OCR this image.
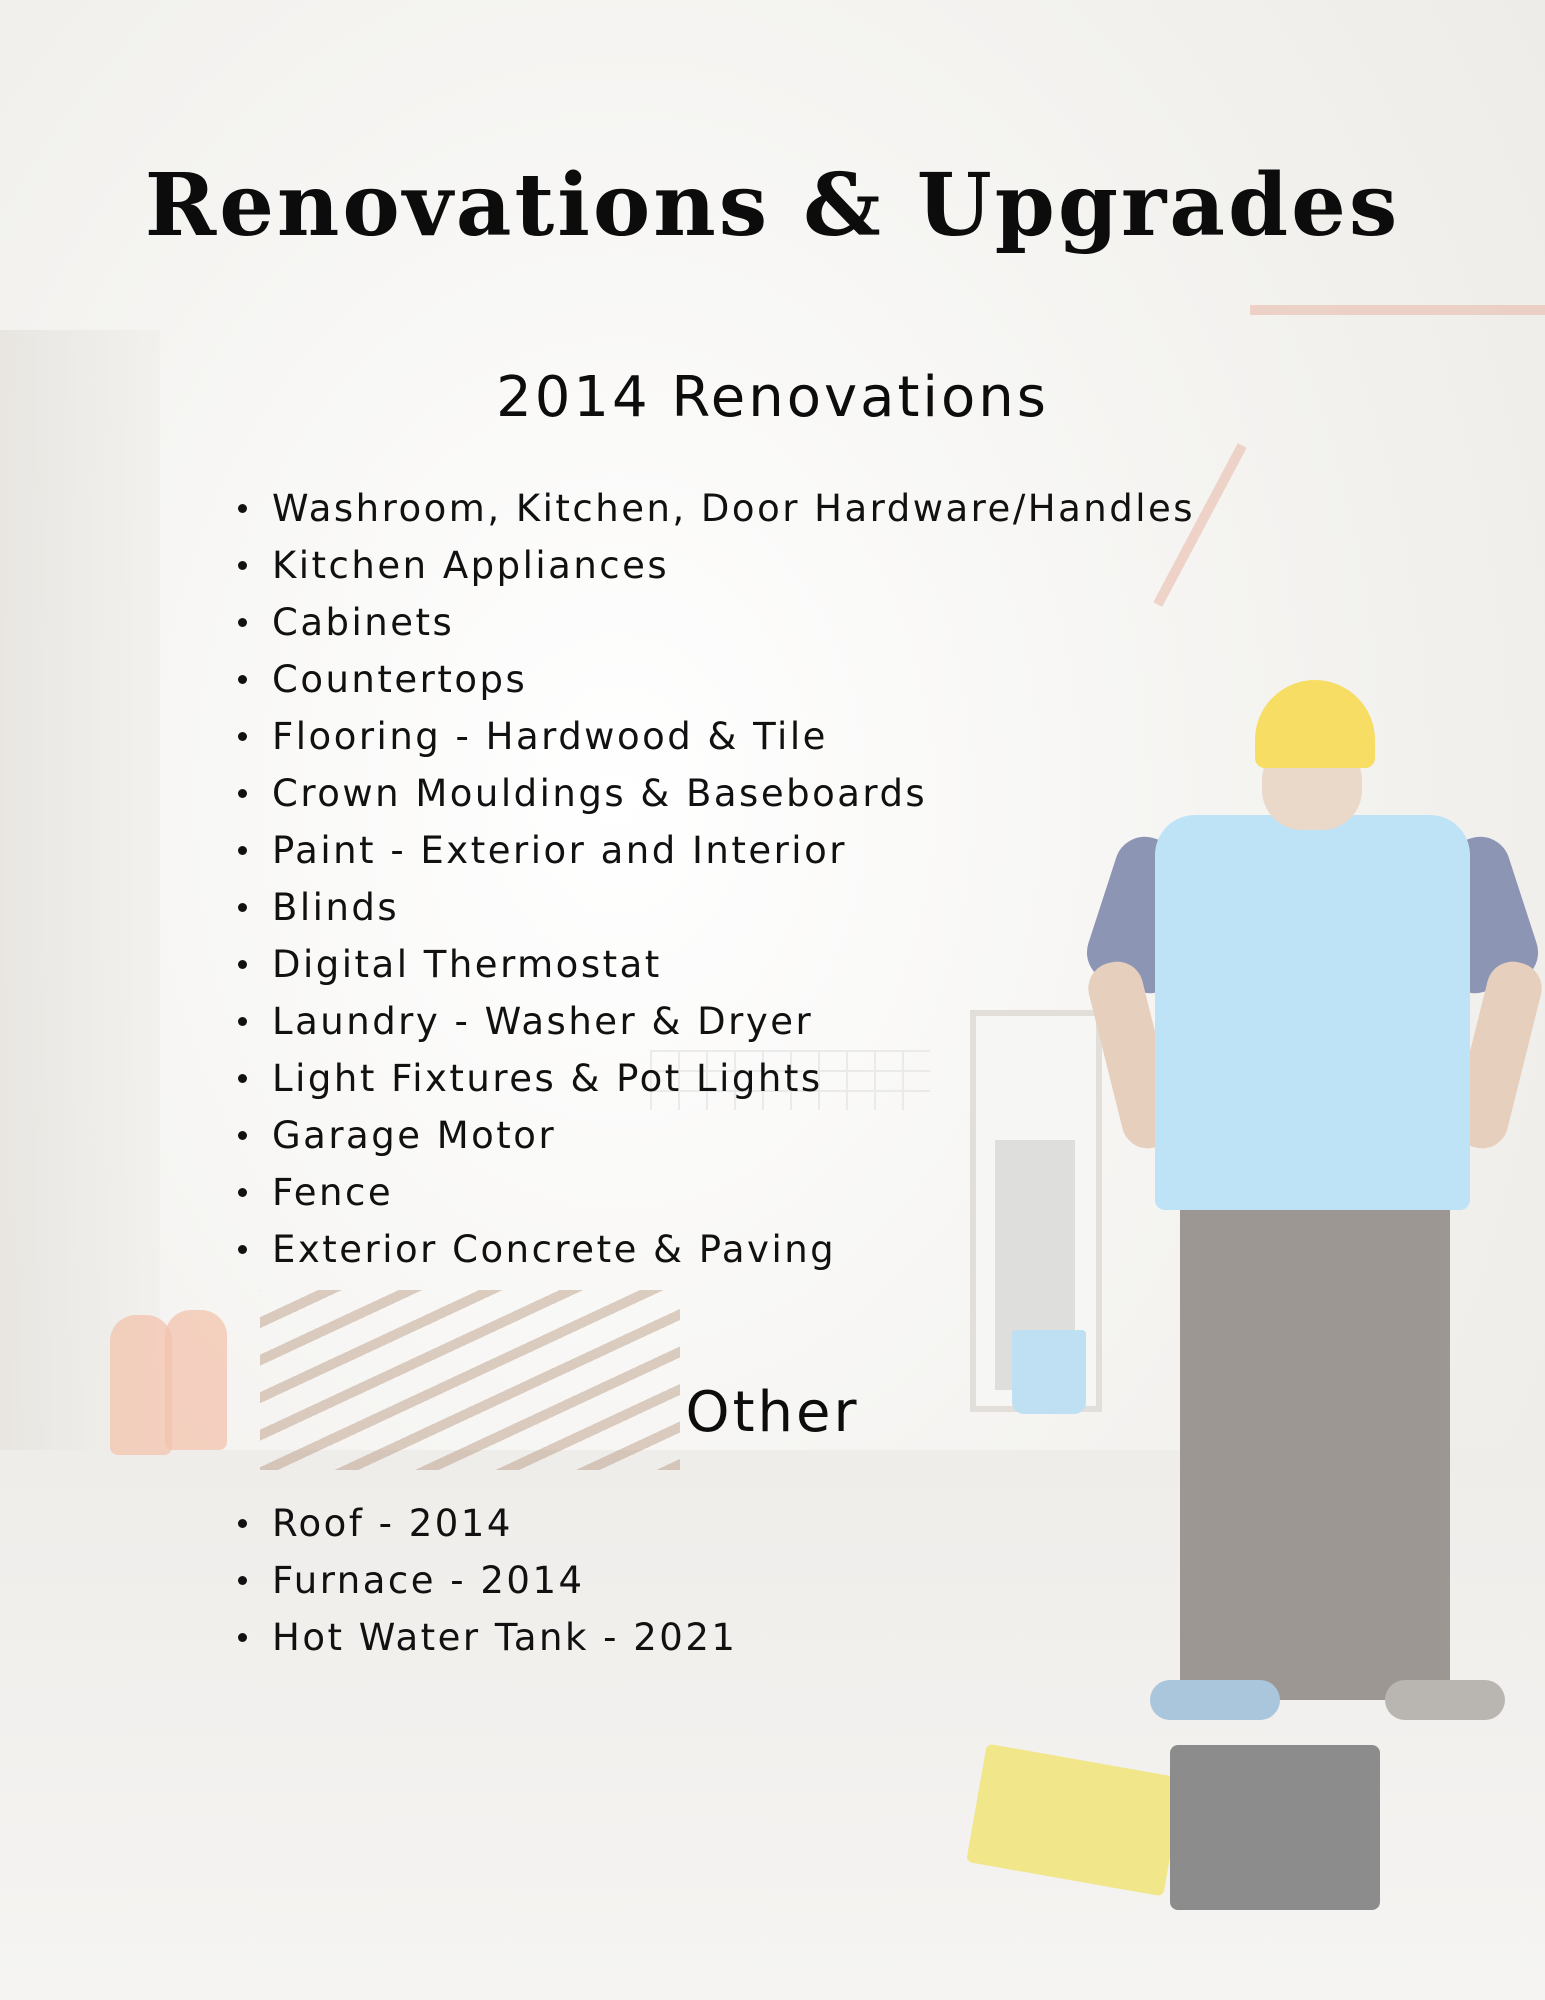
Renovations & Upgrades
2014 Renovations
Washroom, Kitchen, Door Hardware/Handles
Kitchen Appliances
Cabinets
Countertops
Flooring - Hardwood & Tile
Crown Mouldings & Baseboards
Paint - Exterior and Interior
Blinds
Digital Thermostat
Laundry - Washer & Dryer
Light Fixtures & Pot Lights
Garage Motor
Fence
Exterior Concrete & Paving
Other
Roof - 2014
Furnace - 2014
Hot Water Tank - 2021
